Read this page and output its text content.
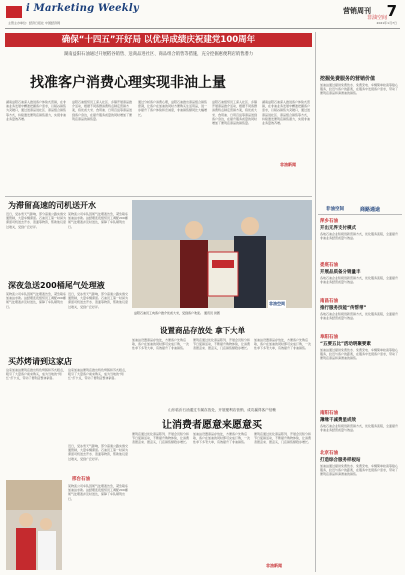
i Marketing Weekly
主管主办单位：经济日报社 中国经济网
营销周刊 7
2021年1月7日
非油空间
确保“十四五”开好局 以优异成绩庆祝建党100周年
湖南益阳石油通过开展稻谷销售、送商品进社区、商品组合销售等措施，充分挖掘惠便利店销售潜力
找准客户消费心理实现非油上量
湖南益阳石油深入推进客户体验式营销，在非油业务发展中精准把握客户需求，以稻谷销售为突破口，通过送商品进社区、商品组合销售等方式，持续激发便利店销售潜力，实现非油业务量效齐增。
益阳石油组织员工深入社区、乡镇开展商品推介活动，根据不同客群消费特点制定营销方案，将优质大米、食用油、日用百货等商品送到客户身边，在提升服务质量的同时增加了便利店商品的销售量。
通过分析客户消费心理，益阳石油推出商品组合销售套餐，让客户在加油的同时方便购买生活用品，进一步提升了客户体验和忠诚度，非油销售额同比大幅增长。
益阳石油组织员工深入社区、乡镇开展商品推介活动，根据不同客群消费特点制定营销方案，将优质大米、食用油、日用百货等商品送到客户身边，在提升服务质量的同时增加了便利店商品的销售量。
湖南益阳石油深入推进客户体验式营销，在非油业务发展中精准把握客户需求，以稻谷销售为突破口，通过送商品进社区、商品组合销售等方式，持续激发便利店销售潜力，实现非油业务量效齐增。
非油新闻
挖掘免费服务的营销价值
加油站通过提供免费饮水、免费充电、车辆简单检查等贴心服务，拉近与客户的距离，在服务中发现客户需求，带动了便利店商品和润滑油的销售。
非油空间	商路通途
萍乡石油
开出无界支付模式
各地石油企业积极创新营销方式，优化服务流程，全面提升非油业务经营质量与效益。
娄底石油
开展品质备分销量丰
各地石油企业积极创新营销方式，优化服务流程，全面提升非油业务经营质量与效益。
南昌石油
推行服务技能“传帮带”
各地石油企业积极创新营销方式，优化服务流程，全面提升非油业务经营质量与效益。
阜阳石油
“五要五比”活动明聚要素
加油站通过提供免费饮水、免费充电、车辆简单检查等贴心服务，拉近与客户的距离，在服务中发现客户需求，带动了便利店商品和润滑油的销售。
南阳石油
薄缘干减费星成效
各地石油企业积极创新营销方式，优化服务流程，全面提升非油业务经营质量与效益。
北京石油
打造综合服务样板站
加油站通过提供免费饮水、免费充电、车辆简单检查等贴心服务，拉近与客户的距离，在服务中发现客户需求，带动了便利店商品和润滑油的销售。
为滞留高速的司机送开水
近日，受冰雪天气影响，部分高速公路实施交通管制，大量车辆滞留。石油员工第一时间为滞留司机送去开水、泡面等物资，帮助他们度过难关，受到广泛好评。
某物流公司车队因尾气处理液告急，紧急联系加油站求助。站经理连夜组织员工调配200桶尾气处理液并及时送达，保障了车队顺利出行。
深夜急送200桶尾气处理液
某物流公司车队因尾气处理液告急，紧急联系加油站求助。站经理连夜组织员工调配200桶尾气处理液并及时送达，保障了车队顺利出行。
近日，受冰雪天气影响，部分高速公路实施交通管制，大量车辆滞留。石油员工第一时间为滞留司机送去开水、泡面等物资，帮助他们度过难关，受到广泛好评。
买苏烤请到这家店
这家加油站便利店推出特色烤肠和苏式糕点，吸引了大量客户前来购买，成为当地的“网红”打卡点，带动了便利店整体销售。
这家加油站便利店推出特色烤肠和苏式糕点，吸引了大量客户前来购买，成为当地的“网红”打卡点，带动了便利店整体销售。
非油空间
益阳石油员工向客户推介优质大米，受到客户欢迎。 通讯员 供图
设置商品存放处 拿下大单
加油站设置商品存放处，方便客户先购后取，客户在加油的同时即可完成订购，一次性拿下多笔大单，有效提升了非油销售。
便利店通过优化商品陈列、开展会员积分和节日促销活动，不断提升购物体验，让消费者愿意来、愿意买，门店销售额稳步增长。
加油站设置商品存放处，方便客户先购后取，客户在加油的同时即可完成订购，一次性拿下多笔大单，有效提升了非油销售。
山东临沂石油通过专属存放处，开展便利店营销，成功赢得客户信赖
让消费者愿意来愿意买
便利店通过优化商品陈列、开展会员积分和节日促销活动，不断提升购物体验，让消费者愿意来、愿意买，门店销售额稳步增长。
加油站设置商品存放处，方便客户先购后取，客户在加油的同时即可完成订购，一次性拿下多笔大单，有效提升了非油销售。
便利店通过优化商品陈列、开展会员积分和节日促销活动，不断提升购物体验，让消费者愿意来、愿意买，门店销售额稳步增长。
非油新闻
近日，受冰雪天气影响，部分高速公路实施交通管制，大量车辆滞留。石油员工第一时间为滞留司机送去开水、泡面等物资，帮助他们度过难关，受到广泛好评。
邢台石油
某物流公司车队因尾气处理液告急，紧急联系加油站求助。站经理连夜组织员工调配200桶尾气处理液并及时送达，保障了车队顺利出行。
